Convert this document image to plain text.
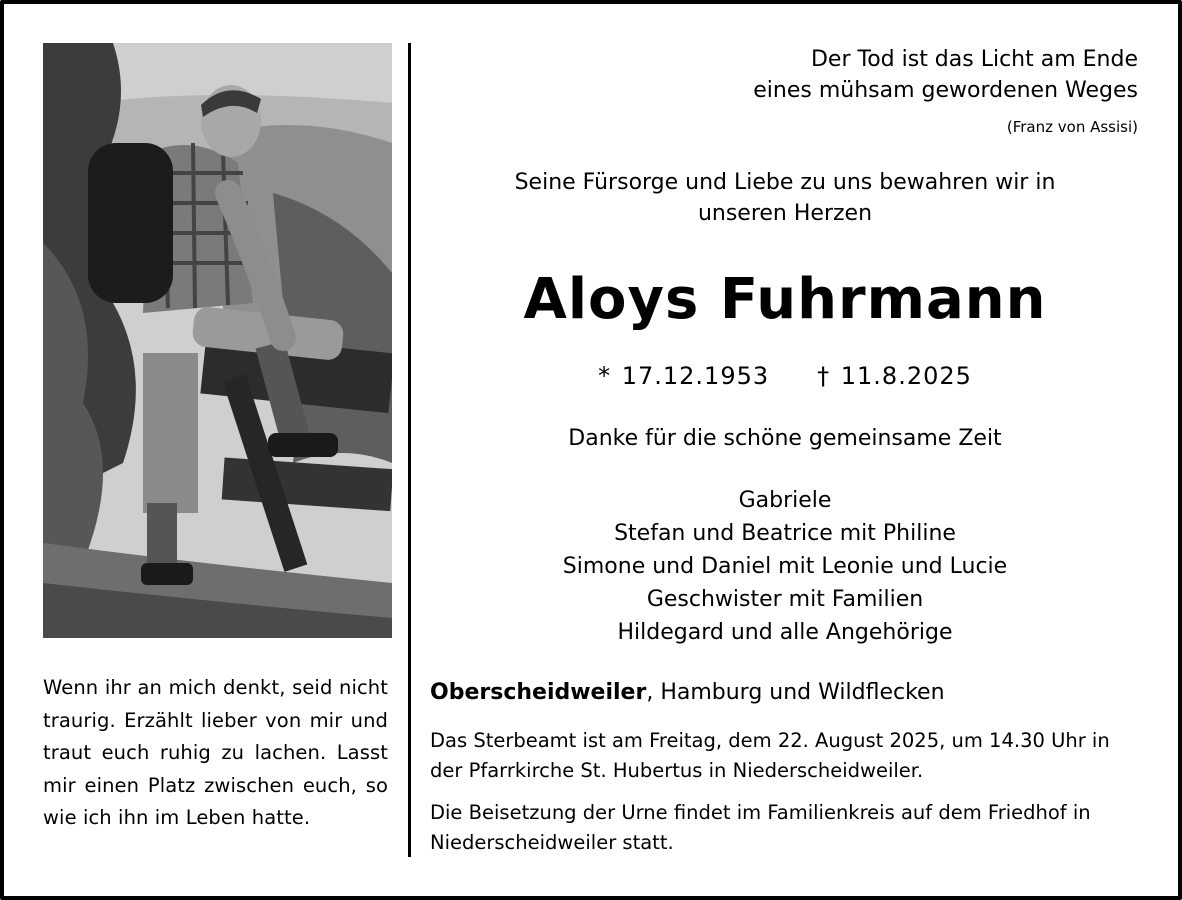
Wenn ihr an mich denkt, seid nicht traurig. Erzählt lieber von mir und traut euch ruhig zu lachen. Lasst mir einen Platz zwischen euch, so wie ich ihn im Leben hatte.
Der Tod ist das Licht am Ende
eines mühsam gewordenen Weges
(Franz von Assisi)
Seine Fürsorge und Liebe zu uns bewahren wir in
unseren Herzen
Aloys Fuhrmann
* 17.12.1953 † 11.8.2025
Danke für die schöne gemeinsame Zeit
Gabriele
Stefan und Beatrice mit Philine
Simone und Daniel mit Leonie und Lucie
Geschwister mit Familien
Hildegard und alle Angehörige
Oberscheidweiler, Hamburg und Wildflecken
Das Sterbeamt ist am Freitag, dem 22. August 2025, um 14.30 Uhr in der Pfarrkirche St. Hubertus in Niederscheidweiler.
Die Beisetzung der Urne findet im Familienkreis auf dem Friedhof in Niederscheidweiler statt.
